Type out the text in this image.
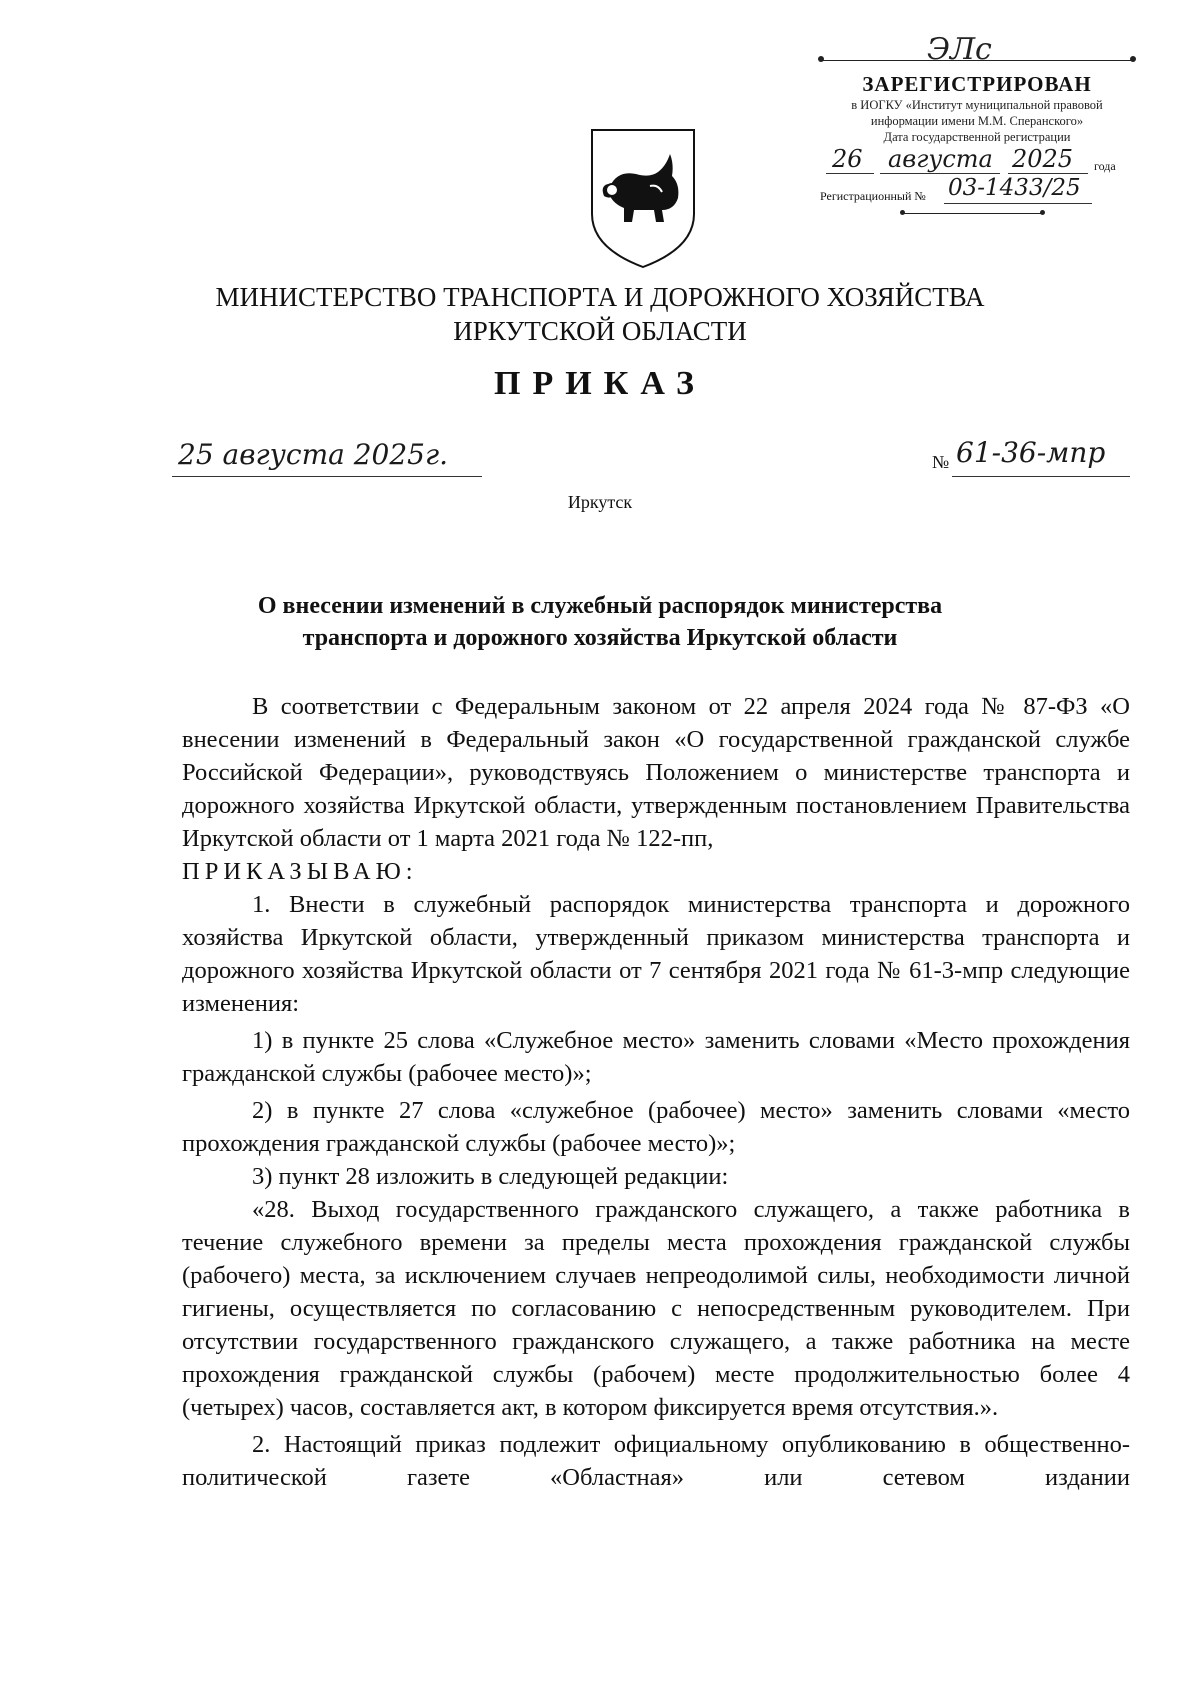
ЭЛс
ЗАРЕГИСТРИРОВАН
в ИОГКУ «Институт муниципальной правовой
информации имени М.М. Сперанского»
Дата государственной регистрации
26 августа 2025 года
Регистрационный № 03-1433/25
МИНИСТЕРСТВО ТРАНСПОРТА И ДОРОЖНОГО ХОЗЯЙСТВА
ИРКУТСКОЙ ОБЛАСТИ
ПРИКАЗ
25 августа 2025г.	№ 61-36-мпр
Иркутск
О внесении изменений в служебный распорядок министерства
транспорта и дорожного хозяйства Иркутской области

В соответствии с Федеральным законом от 22 апреля 2024 года № 87-ФЗ «О внесении изменений в Федеральный закон «О государственной гражданской службе Российской Федерации», руководствуясь Положением о министерстве транспорта и дорожного хозяйства Иркутской области, утвержденным постановлением Правительства Иркутской области от 1 марта 2021 года № 122-пп,

ПРИКАЗЫВАЮ:

1. Внести в служебный распорядок министерства транспорта и дорожного хозяйства Иркутской области, утвержденный приказом министерства транспорта и дорожного хозяйства Иркутской области от 7 сентября 2021 года № 61-3-мпр следующие изменения:

1) в пункте 25 слова «Служебное место» заменить словами «Место прохождения гражданской службы (рабочее место)»;

2) в пункте 27 слова «служебное (рабочее) место» заменить словами «место прохождения гражданской службы (рабочее место)»;

3) пункт 28 изложить в следующей редакции:

«28. Выход государственного гражданского служащего, а также работника в течение служебного времени за пределы места прохождения гражданской службы (рабочего) места, за исключением случаев непреодолимой силы, необходимости личной гигиены, осуществляется по согласованию с непосредственным руководителем. При отсутствии государственного гражданского служащего, а также работника на месте прохождения гражданской службы (рабочем) месте продолжительностью более 4 (четырех) часов, составляется акт, в котором фиксируется время отсутствия.».

2. Настоящий приказ подлежит официальному опубликованию в общественно-политической газете «Областная» или сетевом издании
